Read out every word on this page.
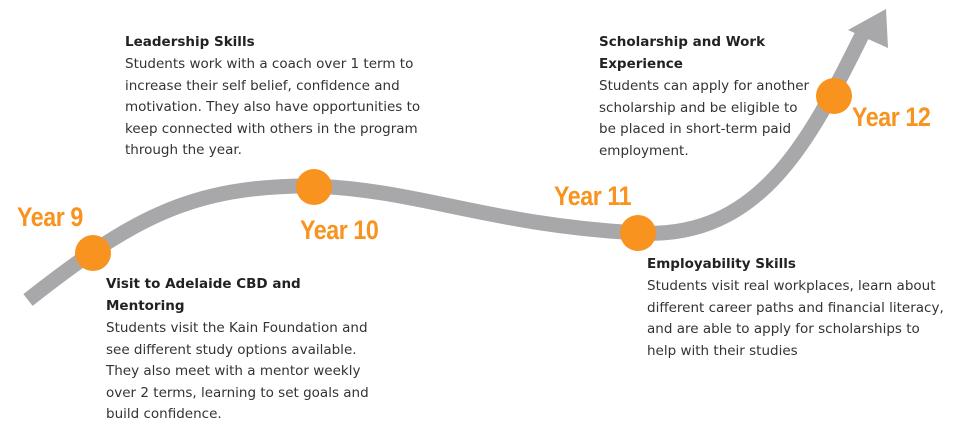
Year 9	Year 10
Year 11
Year 12
Leadership Skills
Students work with a coach over 1 term to increase their self belief, confidence and motivation. They also have opportunities to keep connected with others in the program through the year.
Visit to Adelaide CBD and Mentoring
Students visit the Kain Foundation and see different study options available. They also meet with a mentor weekly over 2 terms, learning to set goals and build confidence.
Scholarship and Work Experience
Students can apply for another scholarship and be eligible to be placed in short-term paid employment.
Employability Skills
Students visit real workplaces, learn about different career paths and financial literacy, and are able to apply for scholarships to help with their studies
